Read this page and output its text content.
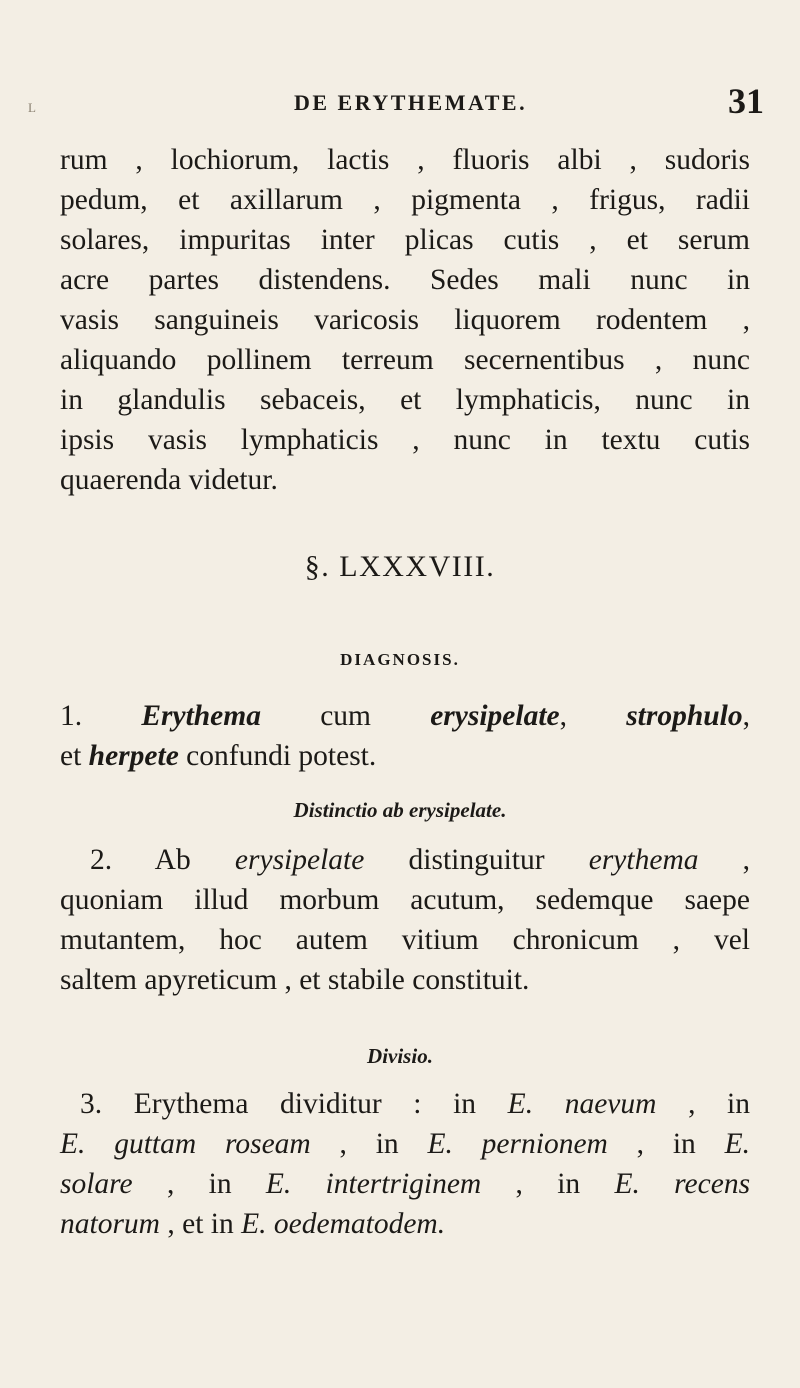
DE ERYTHEMATE.	31
L
rum , lochiorum, lactis , fluoris albi , sudoris
pedum, et axillarum , pigmenta , frigus, radii
solares, impuritas inter plicas cutis , et serum
acre partes distendens. Sedes mali nunc in
vasis sanguineis varicosis liquorem rodentem ,
aliquando pollinem terreum secernentibus , nunc
in glandulis sebaceis, et lymphaticis, nunc in
ipsis vasis lymphaticis , nunc in textu cutis
quaerenda videtur.
§. LXXXVIII.
DIAGNOSIS.
1. Erythema cum erysipelate, strophulo,
et herpete confundi potest.
Distinctio ab erysipelate.
2. Ab erysipelate distinguitur erythema ,
quoniam illud morbum acutum, sedemque saepe
mutantem, hoc autem vitium chronicum , vel
saltem apyreticum , et stabile constituit.
Divisio.
3. Erythema dividitur : in E. naevum , in
E. guttam roseam , in E. pernionem , in E.
solare , in E. intertriginem , in E. recens
natorum , et in E. oedematodem.
